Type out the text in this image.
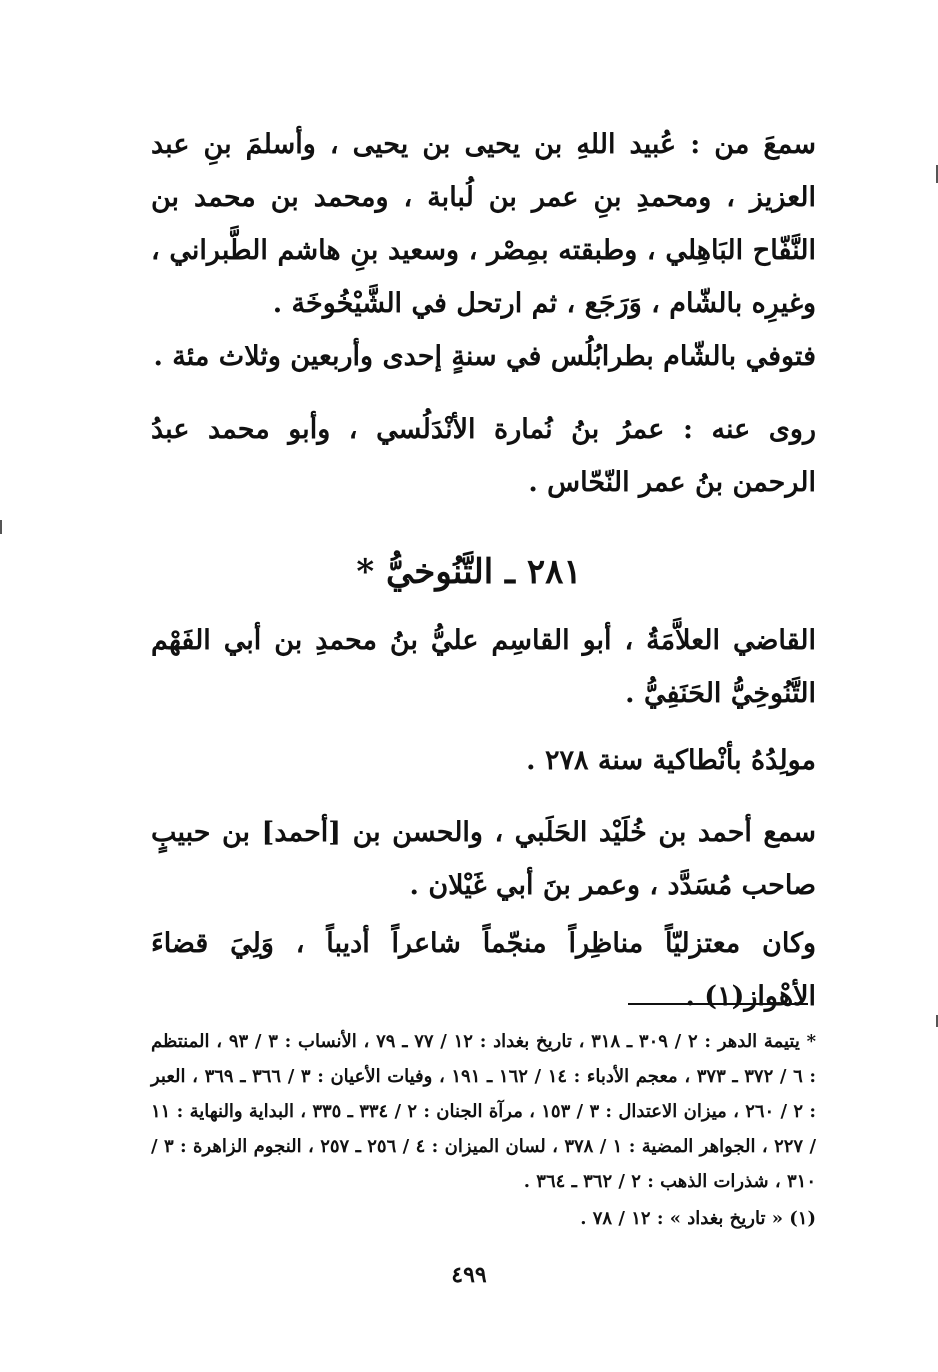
سمعَ من : عُبيد اللهِ بن يحيى بن يحيى ، وأسلمَ بنِ عبد العزيز ، ومحمدِ بنِ عمر بن لُبابة ، ومحمد بن محمد بن النَّفّاح البَاهِلي ، وطبقته بمِصْر ، وسعيد بنِ هاشم الطَّبراني ، وغيرِه بالشّام ، وَرَجَع ، ثم ارتحل في الشَّيْخُوخَة .
فتوفي بالشّام بطرابُلُس في سنةٍ إحدى وأربعين وثلاث مئة .
روى عنه : عمرُ بنُ نُمارة الأنْدَلُسي ، وأبو محمد عبدُ الرحمن بنُ عمر النّحّاس .
٢٨١ ـ التَّنُوخيُّ *
القاضي العلاَّمَةُ ، أبو القاسِم عليُّ بنُ محمدِ بن أبي الفَهْم التَّنُوخِيُّ الحَنَفِيُّ .
مولِدُهُ بأنْطاكية سنة ٢٧٨ .
سمع أحمد بن خُلَيْد الحَلَبي ، والحسن بن [أحمد] بن حبيبٍ صاحب مُسَدَّد ، وعمر بنَ أبي غَيْلان .
وكان معتزليّاً مناظِراً منجّماً شاعراً أديباً ، وَلِيَ قضاءَ الأهْواز(١) .
* يتيمة الدهر : ٢ / ٣٠٩ ـ ٣١٨ ، تاريخ بغداد : ١٢ / ٧٧ ـ ٧٩ ، الأنساب : ٣ / ٩٣ ، المنتظم : ٦ / ٣٧٢ ـ ٣٧٣ ، معجم الأدباء : ١٤ / ١٦٢ ـ ١٩١ ، وفيات الأعيان : ٣ / ٣٦٦ ـ ٣٦٩ ، العبر : ٢ / ٢٦٠ ، ميزان الاعتدال : ٣ / ١٥٣ ، مرآة الجنان : ٢ / ٣٣٤ ـ ٣٣٥ ، البداية والنهاية : ١١ / ٢٢٧ ، الجواهر المضية : ١ / ٣٧٨ ، لسان الميزان : ٤ / ٢٥٦ ـ ٢٥٧ ، النجوم الزاهرة : ٣ / ٣١٠ ، شذرات الذهب : ٢ / ٣٦٢ ـ ٣٦٤ .
(١) « تاريخ بغداد » : ١٢ / ٧٨ .
٤٩٩
